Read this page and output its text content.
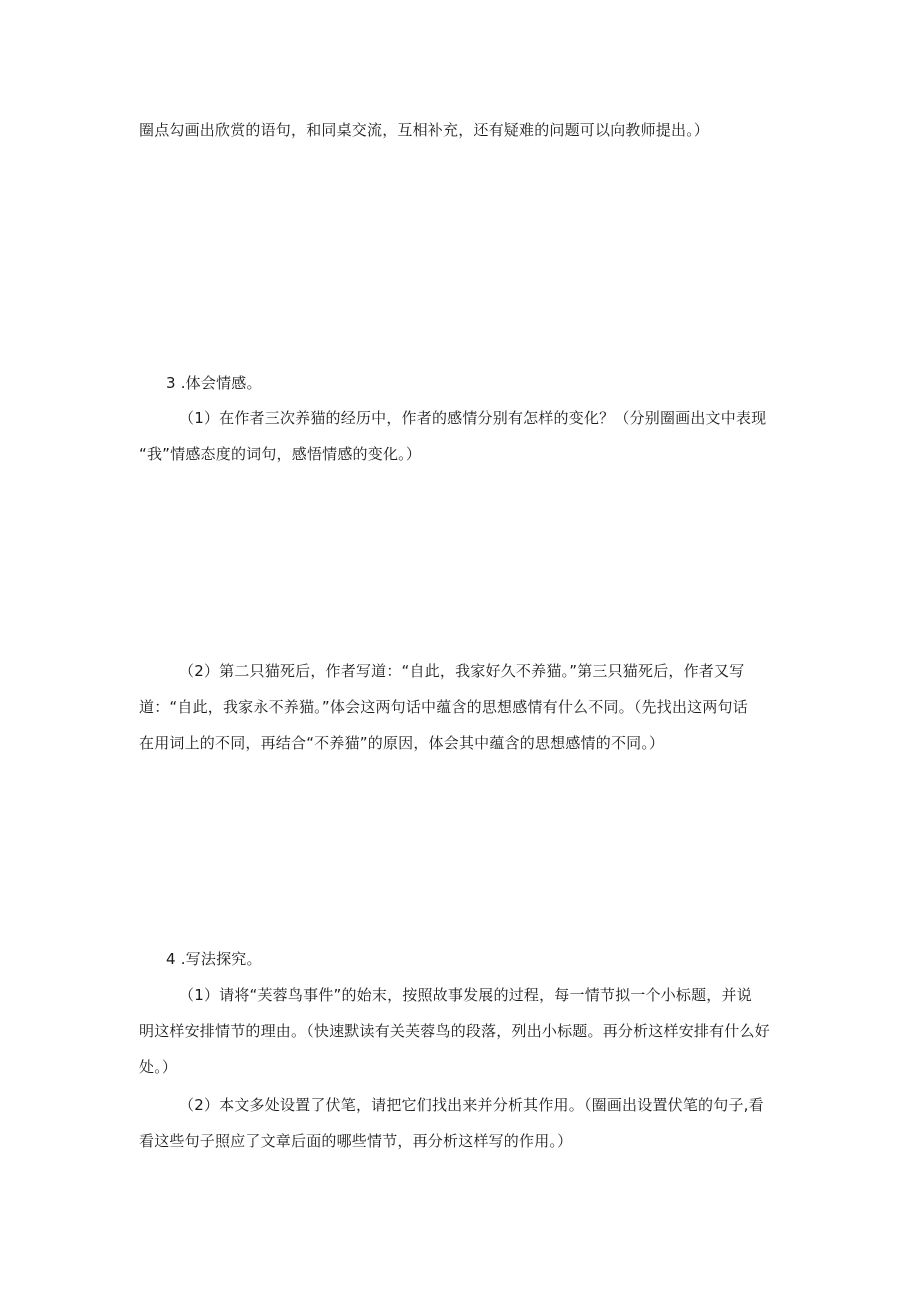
圈点勾画出欣赏的语句，和同桌交流，互相补充，还有疑难的问题可以向教师提出。）
3 .体会情感。
（1）在作者三次养猫的经历中，作者的感情分别有怎样的变化？（分别圈画出文中表现
“我”情感态度的词句，感悟情感的变化。）
（2）第二只猫死后，作者写道：“自此，我家好久不养猫。”第三只猫死后，作者又写
道：“自此，我家永不养猫。”体会这两句话中蕴含的思想感情有什么不同。（先找出这两句话
在用词上的不同，再结合“不养猫”的原因，体会其中蕴含的思想感情的不同。）
4 .写法探究。
（1）请将“芙蓉鸟事件”的始末，按照故事发展的过程，每一情节拟一个小标题，并说
明这样安排情节的理由。（快速默读有关芙蓉鸟的段落，列出小标题。再分析这样安排有什么好
处。）
（2）本文多处设置了伏笔，请把它们找出来并分析其作用。（圈画出设置伏笔的句子,看
看这些句子照应了文章后面的哪些情节，再分析这样写的作用。）
